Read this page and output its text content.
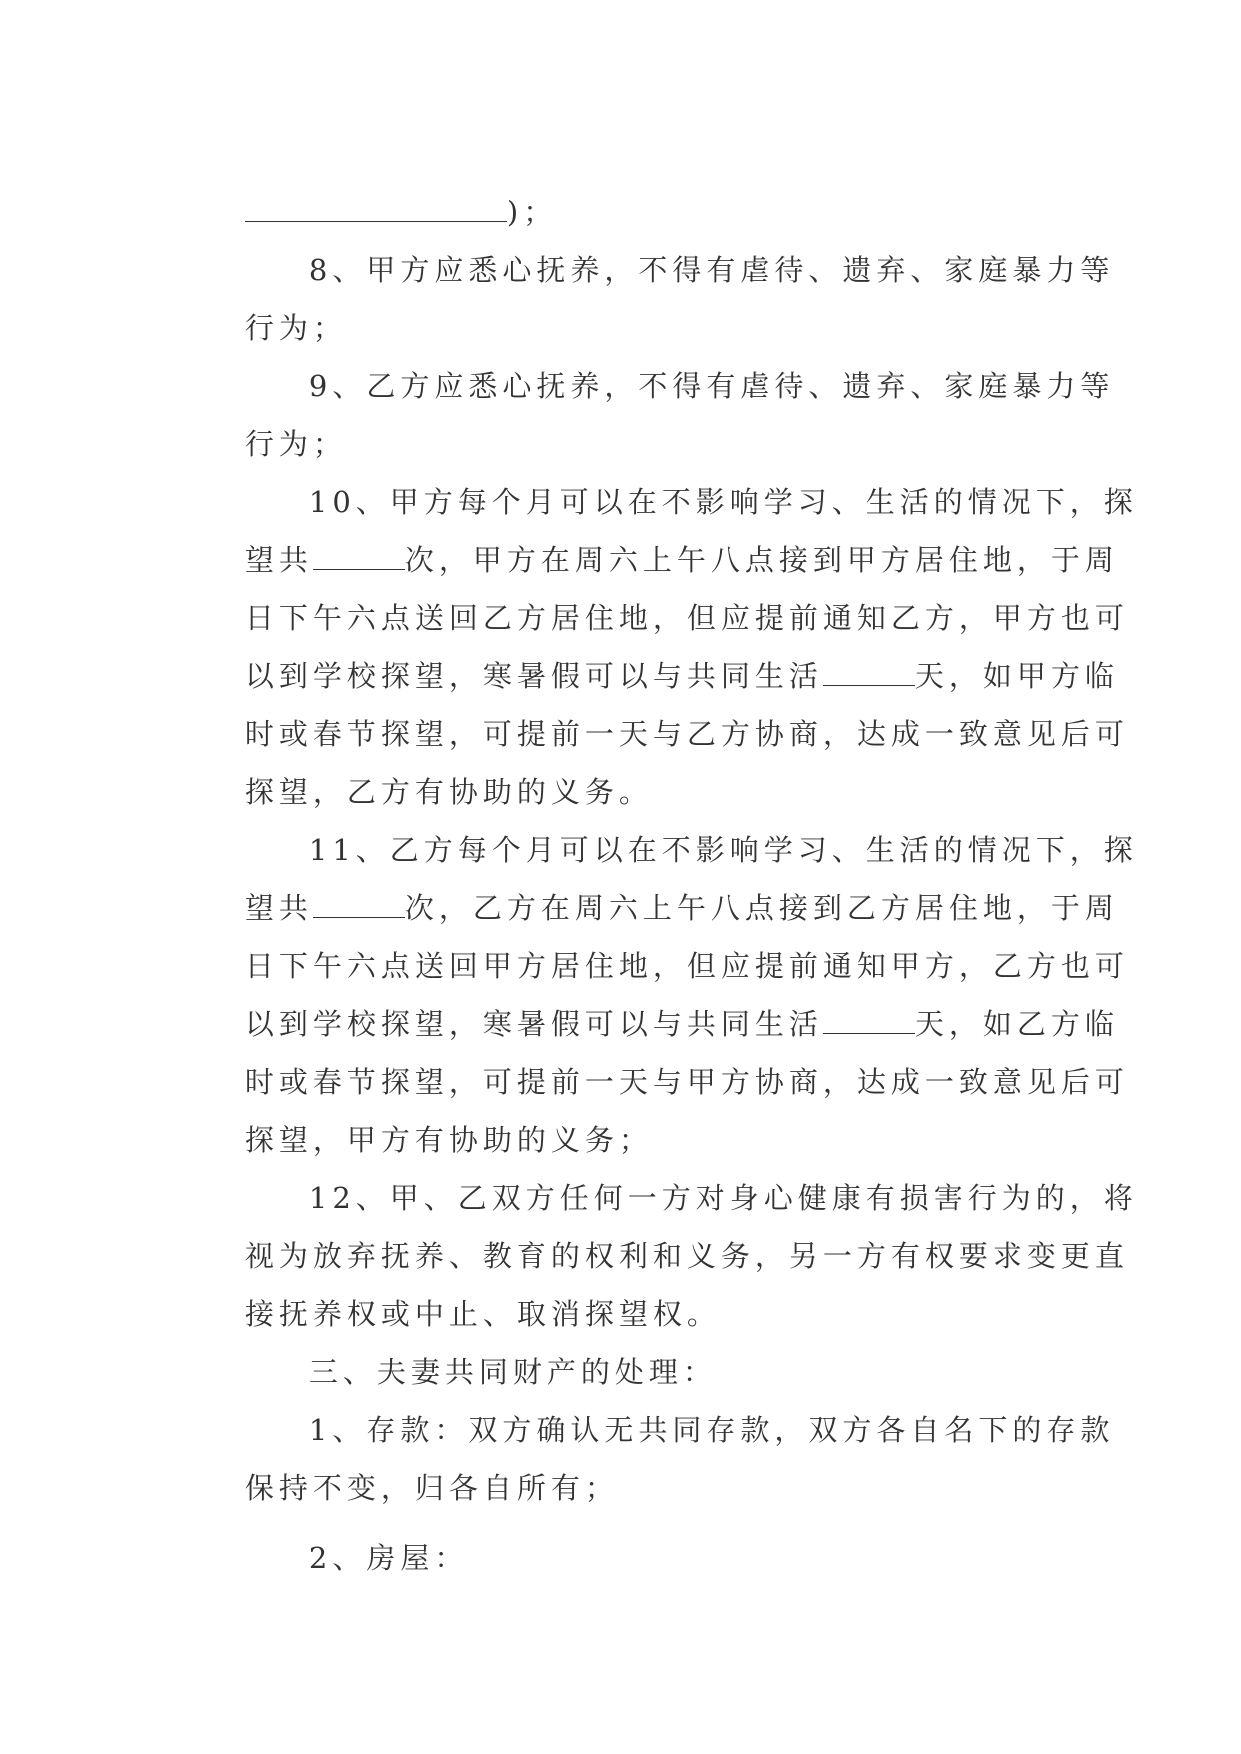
)；

8、甲方应悉心抚养，不得有虐待、遗弃、家庭暴力等

行为；

9、乙方应悉心抚养，不得有虐待、遗弃、家庭暴力等

行为；

10、甲方每个月可以在不影响学习、生活的情况下，探

望共	次，甲方在周六上午八点接到甲方居住地，于周

日下午六点送回乙方居住地，但应提前通知乙方，甲方也可

以到学校探望，寒暑假可以与共同生活	天，如甲方临

时或春节探望，可提前一天与乙方协商，达成一致意见后可

探望，乙方有协助的义务。

11、乙方每个月可以在不影响学习、生活的情况下，探

望共	次，乙方在周六上午八点接到乙方居住地，于周

日下午六点送回甲方居住地，但应提前通知甲方，乙方也可

以到学校探望，寒暑假可以与共同生活	天，如乙方临

时或春节探望，可提前一天与甲方协商，达成一致意见后可

探望，甲方有协助的义务；

12、甲、乙双方任何一方对身心健康有损害行为的，将

视为放弃抚养、教育的权利和义务，另一方有权要求变更直

接抚养权或中止、取消探望权。

三、夫妻共同财产的处理：

1、存款：双方确认无共同存款，双方各自名下的存款

保持不变，归各自所有；

2、房屋：
